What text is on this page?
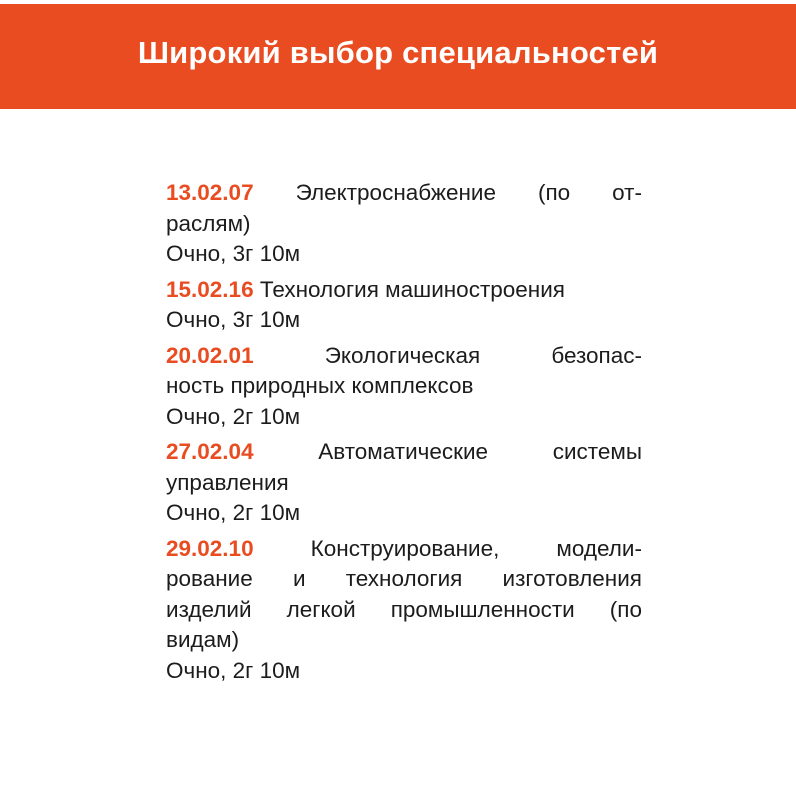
Широкий выбор специальностей
13.02.07 Электроснабжение (по от-
раслям)
Очно, 3г 10м
15.02.16 Технология машиностроения
Очно, 3г 10м
20.02.01	Экологическая	безопас-
ность природных комплексов
Очно, 2г 10м
27.02.04	Автоматические	системы
управления
Очно, 2г 10м
29.02.10	Конструирование,	модели-
рование и технология изготовления
изделий легкой промышленности (по
видам)
Очно, 2г 10м
